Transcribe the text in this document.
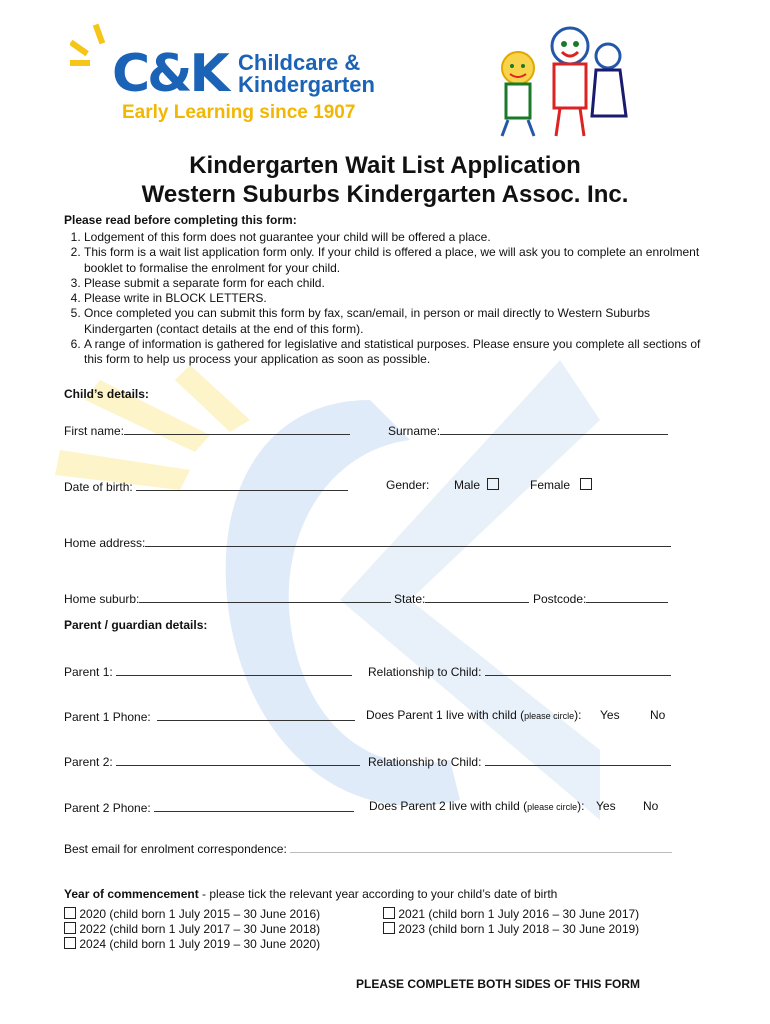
C&K Childcare &
Kindergarten
Early Learning since 1907
Kindergarten Wait List Application
Western Suburbs Kindergarten Assoc. Inc.
Please read before completing this form:
1. Lodgement of this form does not guarantee your child will be offered a place.
2. This form is a wait list application form only. If your child is offered a place, we will ask you to complete an enrolment booklet to formalise the enrolment for your child.
3. Please submit a separate form for each child.
4. Please write in BLOCK LETTERS.
5. Once completed you can submit this form by fax, scan/email, in person or mail directly to Western Suburbs Kindergarten (contact details at the end of this form).
6. A range of information is gathered for legislative and statistical purposes. Please ensure you complete all sections of this form to help us process your application as soon as possible.
Child’s details:
First name:	Surname:
Date of birth:	Gender: Male	Female
Home address:
Home suburb:	State:	Postcode:
Parent / guardian details:
Parent 1:	Relationship to Child:
Parent 1 Phone:	Does Parent 1 live with child (please circle): Yes	No
Parent 2:	Relationship to Child:
Parent 2 Phone:	Does Parent 2 live with child (please circle): Yes No
Best email for enrolment correspondence:
Year of commencement - please tick the relevant year according to your child’s date of birth
2020 (child born 1 July 2015 – 30 June 2016)	2021 (child born 1 July 2016 – 30 June 2017)
2022 (child born 1 July 2017 – 30 June 2018)	2023 (child born 1 July 2018 – 30 June 2019)
2024 (child born 1 July 2019 – 30 June 2020)
PLEASE COMPLETE BOTH SIDES OF THIS FORM
